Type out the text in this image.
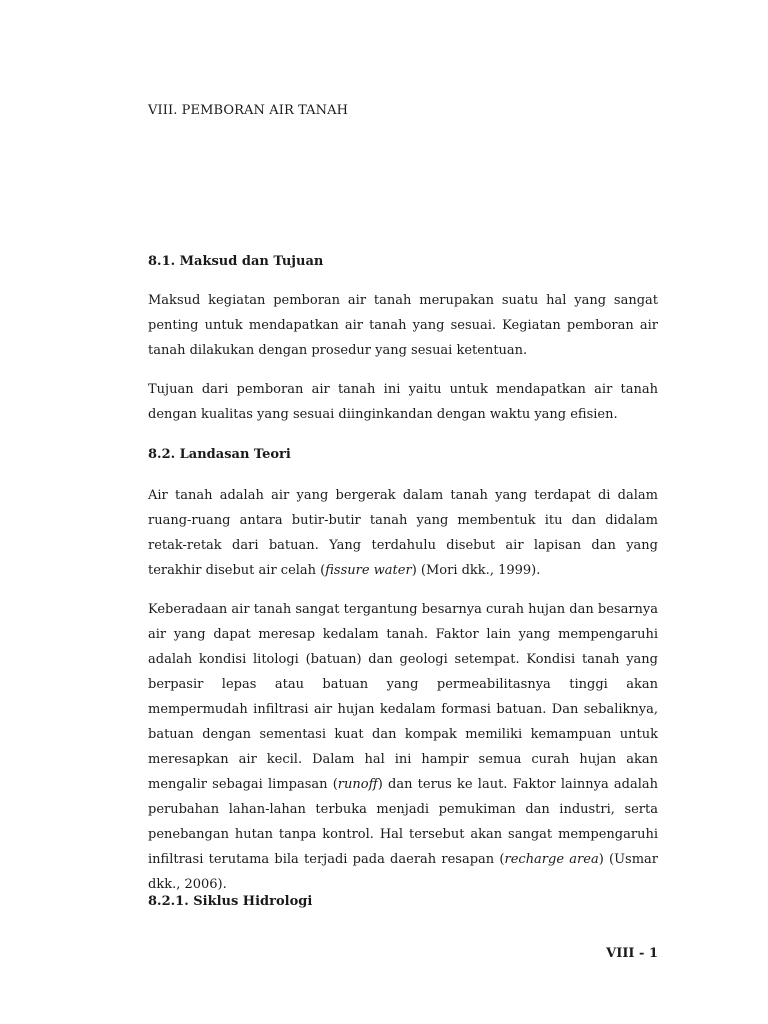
VIII. PEMBORAN AIR TANAH
8.1. Maksud dan Tujuan

Maksud kegiatan pemboran air tanah merupakan suatu hal yang sangat penting untuk mendapatkan air tanah yang sesuai. Kegiatan pemboran air tanah dilakukan dengan prosedur yang sesuai ketentuan.

Tujuan dari pemboran air tanah ini yaitu untuk mendapatkan air tanah dengan kualitas yang sesuai diinginkandan dengan waktu yang efisien.

8.2. Landasan Teori

Air tanah adalah air yang bergerak dalam tanah yang terdapat di dalam ruang-ruang antara butir-butir tanah yang membentuk itu dan didalam retak-retak dari batuan. Yang terdahulu disebut air lapisan dan yang terakhir disebut air celah (fissure water) (Mori dkk., 1999).

Keberadaan air tanah sangat tergantung besarnya curah hujan dan besarnya air yang dapat meresap kedalam tanah. Faktor lain yang mempengaruhi adalah kondisi litologi (batuan) dan geologi setempat. Kondisi tanah yang berpasir lepas atau batuan yang permeabilitasnya tinggi akan mempermudah infiltrasi air hujan kedalam formasi batuan. Dan sebaliknya, batuan dengan sementasi kuat dan kompak memiliki kemampuan untuk meresapkan air kecil. Dalam hal ini hampir semua curah hujan akan mengalir sebagai limpasan (runoff) dan terus ke laut. Faktor lainnya adalah perubahan lahan-lahan terbuka menjadi pemukiman dan industri, serta penebangan hutan tanpa kontrol. Hal tersebut akan sangat mempengaruhi infiltrasi terutama bila terjadi pada daerah resapan (recharge area) (Usmar dkk., 2006).

8.2.1. Siklus Hidrologi
VIII - 1
